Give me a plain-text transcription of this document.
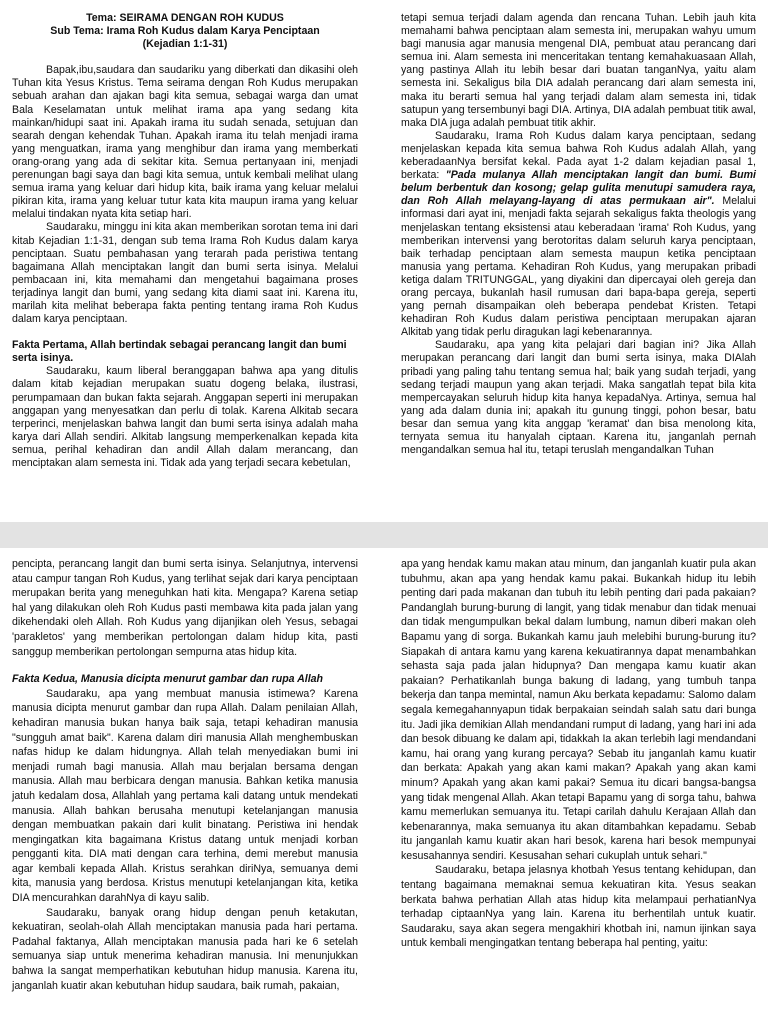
Tema: SEIRAMA DENGAN ROH KUDUS

Sub Tema: Irama Roh Kudus dalam Karya Penciptaan

(Kejadian 1:1-31)

Bapak,ibu,saudara dan saudariku yang diberkati dan dikasihi oleh Tuhan kita Yesus Kristus. Tema seirama dengan Roh Kudus merupakan sebuah arahan dan ajakan bagi kita semua, sebagai warga dan umat Bala Keselamatan untuk melihat irama apa yang sedang kita mainkan/hidupi saat ini. Apakah irama itu sudah senada, setujuan dan searah dengan kehendak Tuhan. Apakah irama itu telah menjadi irama yang menguatkan, irama yang menghibur dan irama yang memberkati orang-orang yang ada di sekitar kita. Semua pertanyaan ini, menjadi perenungan bagi saya dan bagi kita semua, untuk kembali melihat ulang semua irama yang keluar dari hidup kita, baik irama yang keluar melalui pikiran kita, irama yang keluar tutur kata kita maupun irama yang keluar melalui tindakan nyata kita setiap hari.

Saudaraku, minggu ini kita akan memberikan sorotan tema ini dari kitab Kejadian 1:1-31, dengan sub tema Irama Roh Kudus dalam karya penciptaan. Suatu pembahasan yang terarah pada peristiwa tentang bagaimana Allah menciptakan langit dan bumi serta isinya. Melalui pembacaan ini, kita memahami dan mengetahui bagaimana proses terjadinya langit dan bumi, yang sedang kita diami saat ini. Karena itu, marilah kita melihat beberapa fakta penting tentang irama Roh Kudus dalam karya penciptaan.

Fakta Pertama, Allah bertindak sebagai perancang langit dan bumi serta isinya.

Saudaraku, kaum liberal beranggapan bahwa apa yang ditulis dalam kitab kejadian merupakan suatu dogeng belaka, ilustrasi, perumpamaan dan bukan fakta sejarah. Anggapan seperti ini merupakan anggapan yang menyesatkan dan perlu di tolak. Karena Alkitab secara terperinci, menjelaskan bahwa langit dan bumi serta isinya adalah maha karya dari Allah sendiri. Alkitab langsung memperkenalkan kepada kita semua, perihal kehadiran dan andil Allah dalam merancang, dan menciptakan alam semesta ini. Tidak ada yang terjadi secara kebetulan,

tetapi semua terjadi dalam agenda dan rencana Tuhan. Lebih jauh kita memahami bahwa penciptaan alam semesta ini, merupakan wahyu umum bagi manusia agar manusia mengenal DIA, pembuat atau perancang dari semua ini. Alam semesta ini menceritakan tentang kemahakuasaan Allah, yang pastinya Allah itu lebih besar dari buatan tanganNya, yaitu alam semesta ini. Sekaligus bila DIA adalah perancang dari alam semesta ini, maka itu berarti semua hal yang terjadi dalam alam semesta ini, tidak satupun yang tersembunyi bagi DIA. Artinya, DIA adalah pembuat titik awal, maka DIA juga adalah pembuat titik akhir.

Saudaraku, Irama Roh Kudus dalam karya penciptaan, sedang menjelaskan kepada kita semua bahwa Roh Kudus adalah Allah, yang keberadaanNya bersifat kekal. Pada ayat 1-2 dalam kejadian pasal 1, berkata: "Pada mulanya Allah menciptakan langit dan bumi. Bumi belum berbentuk dan kosong; gelap gulita menutupi samudera raya, dan Roh Allah melayang-layang di atas permukaan air". Melalui informasi dari ayat ini, menjadi fakta sejarah sekaligus fakta theologis yang menjelaskan tentang eksistensi atau keberadaan 'irama' Roh Kudus, yang memberikan intervensi yang berotoritas dalam seluruh karya penciptaan, baik terhadap penciptaan alam semesta maupun ketika penciptaan manusia yang pertama. Kehadiran Roh Kudus, yang merupakan pribadi ketiga dalam TRITUNGGAL, yang diyakini dan dipercayai oleh gereja dan orang percaya, bukanlah hasil rumusan dari bapa-bapa gereja, seperti yang pernah disampaikan oleh beberapa pendebat Kristen. Tetapi kehadiran Roh Kudus dalam peristiwa penciptaan merupakan ajaran Alkitab yang tidak perlu diragukan lagi kebenarannya.

Saudaraku, apa yang kita pelajari dari bagian ini? Jika Allah merupakan perancang dari langit dan bumi serta isinya, maka DIAlah pribadi yang paling tahu tentang semua hal; baik yang sudah terjadi, yang sedang terjadi maupun yang akan terjadi. Maka sangatlah tepat bila kita mempercayakan seluruh hidup kita hanya kepadaNya. Artinya, semua hal yang ada dalam dunia ini; apakah itu gunung tinggi, pohon besar, batu besar dan semua yang kita anggap 'keramat' dan bisa menolong kita, ternyata semua itu hanyalah ciptaan. Karena itu, janganlah pernah mengandalkan semua hal itu, tetapi teruslah mengandalkan Tuhan

pencipta, perancang langit dan bumi serta isinya. Selanjutnya, intervensi atau campur tangan Roh Kudus, yang terlihat sejak dari karya penciptaan merupakan berita yang meneguhkan hati kita. Mengapa? Karena setiap hal yang dilakukan oleh Roh Kudus pasti membawa kita pada jalan yang dikehendaki oleh Allah. Roh Kudus yang dijanjikan oleh Yesus, sebagai 'parakletos' yang memberikan pertolongan dalam hidup kita, pasti sanggup memberikan pertolongan sempurna atas hidup kita.

Fakta Kedua, Manusia dicipta menurut gambar dan rupa Allah

Saudaraku, apa yang membuat manusia istimewa? Karena manusia dicipta menurut gambar dan rupa Allah. Dalam penilaian Allah, kehadiran manusia bukan hanya baik saja, tetapi kehadiran manusia "sungguh amat baik". Karena dalam diri manusia Allah menghembuskan nafas hidup ke dalam hidungnya. Allah telah menyediakan bumi ini menjadi rumah bagi manusia. Allah mau berjalan bersama dengan manusia. Allah mau berbicara dengan manusia. Bahkan ketika manusia jatuh kedalam dosa, Allahlah yang pertama kali datang untuk mendekati manusia. Allah bahkan berusaha menutupi ketelanjangan manusia dengan membuatkan pakain dari kulit binatang. Peristiwa ini hendak mengingatkan kita bagaimana Kristus datang untuk menjadi korban pengganti kita. DIA mati dengan cara terhina, demi merebut manusia agar kembali kepada Allah. Kristus serahkan diriNya, semuanya demi kita, manusia yang berdosa. Kristus menutupi ketelanjangan kita, ketika DIA mencurahkan darahNya di kayu salib.

Saudaraku, banyak orang hidup dengan penuh ketakutan, kekuatiran, seolah-olah Allah menciptakan manusia pada hari pertama. Padahal faktanya, Allah menciptakan manusia pada hari ke 6 setelah semuanya siap untuk menerima kehadiran manusia. Ini menunjukkan bahwa Ia sangat memperhatikan kebutuhan hidup manusia. Karena itu, janganlah kuatir akan kebutuhan hidup saudara, baik rumah, pakaian,

apa yang hendak kamu makan atau minum, dan janganlah kuatir pula akan tubuhmu, akan apa yang hendak kamu pakai. Bukankah hidup itu lebih penting dari pada makanan dan tubuh itu lebih penting dari pada pakaian? Pandanglah burung-burung di langit, yang tidak menabur dan tidak menuai dan tidak mengumpulkan bekal dalam lumbung, namun diberi makan oleh Bapamu yang di sorga. Bukankah kamu jauh melebihi burung-burung itu? Siapakah di antara kamu yang karena kekuatirannya dapat menambahkan sehasta saja pada jalan hidupnya? Dan mengapa kamu kuatir akan pakaian? Perhatikanlah bunga bakung di ladang, yang tumbuh tanpa bekerja dan tanpa memintal, namun Aku berkata kepadamu: Salomo dalam segala kemegahannyapun tidak berpakaian seindah salah satu dari bunga itu. Jadi jika demikian Allah mendandani rumput di ladang, yang hari ini ada dan besok dibuang ke dalam api, tidakkah Ia akan terlebih lagi mendandani kamu, hai orang yang kurang percaya? Sebab itu janganlah kamu kuatir dan berkata: Apakah yang akan kami makan? Apakah yang akan kami minum? Apakah yang akan kami pakai? Semua itu dicari bangsa-bangsa yang tidak mengenal Allah. Akan tetapi Bapamu yang di sorga tahu, bahwa kamu memerlukan semuanya itu. Tetapi carilah dahulu Kerajaan Allah dan kebenarannya, maka semuanya itu akan ditambahkan kepadamu. Sebab itu janganlah kamu kuatir akan hari besok, karena hari besok mempunyai kesusahannya sendiri. Kesusahan sehari cukuplah untuk sehari."

Saudaraku, betapa jelasnya khotbah Yesus tentang kehidupan, dan tentang bagaimana memaknai semua kekuatiran kita. Yesus seakan berkata bahwa perhatian Allah atas hidup kita melampaui perhatianNya terhadap ciptaanNya yang lain. Karena itu berhentilah untuk kuatir. Saudaraku, saya akan segera mengakhiri khotbah ini, namun ijinkan saya untuk kembali mengingatkan tentang beberapa hal penting, yaitu:
